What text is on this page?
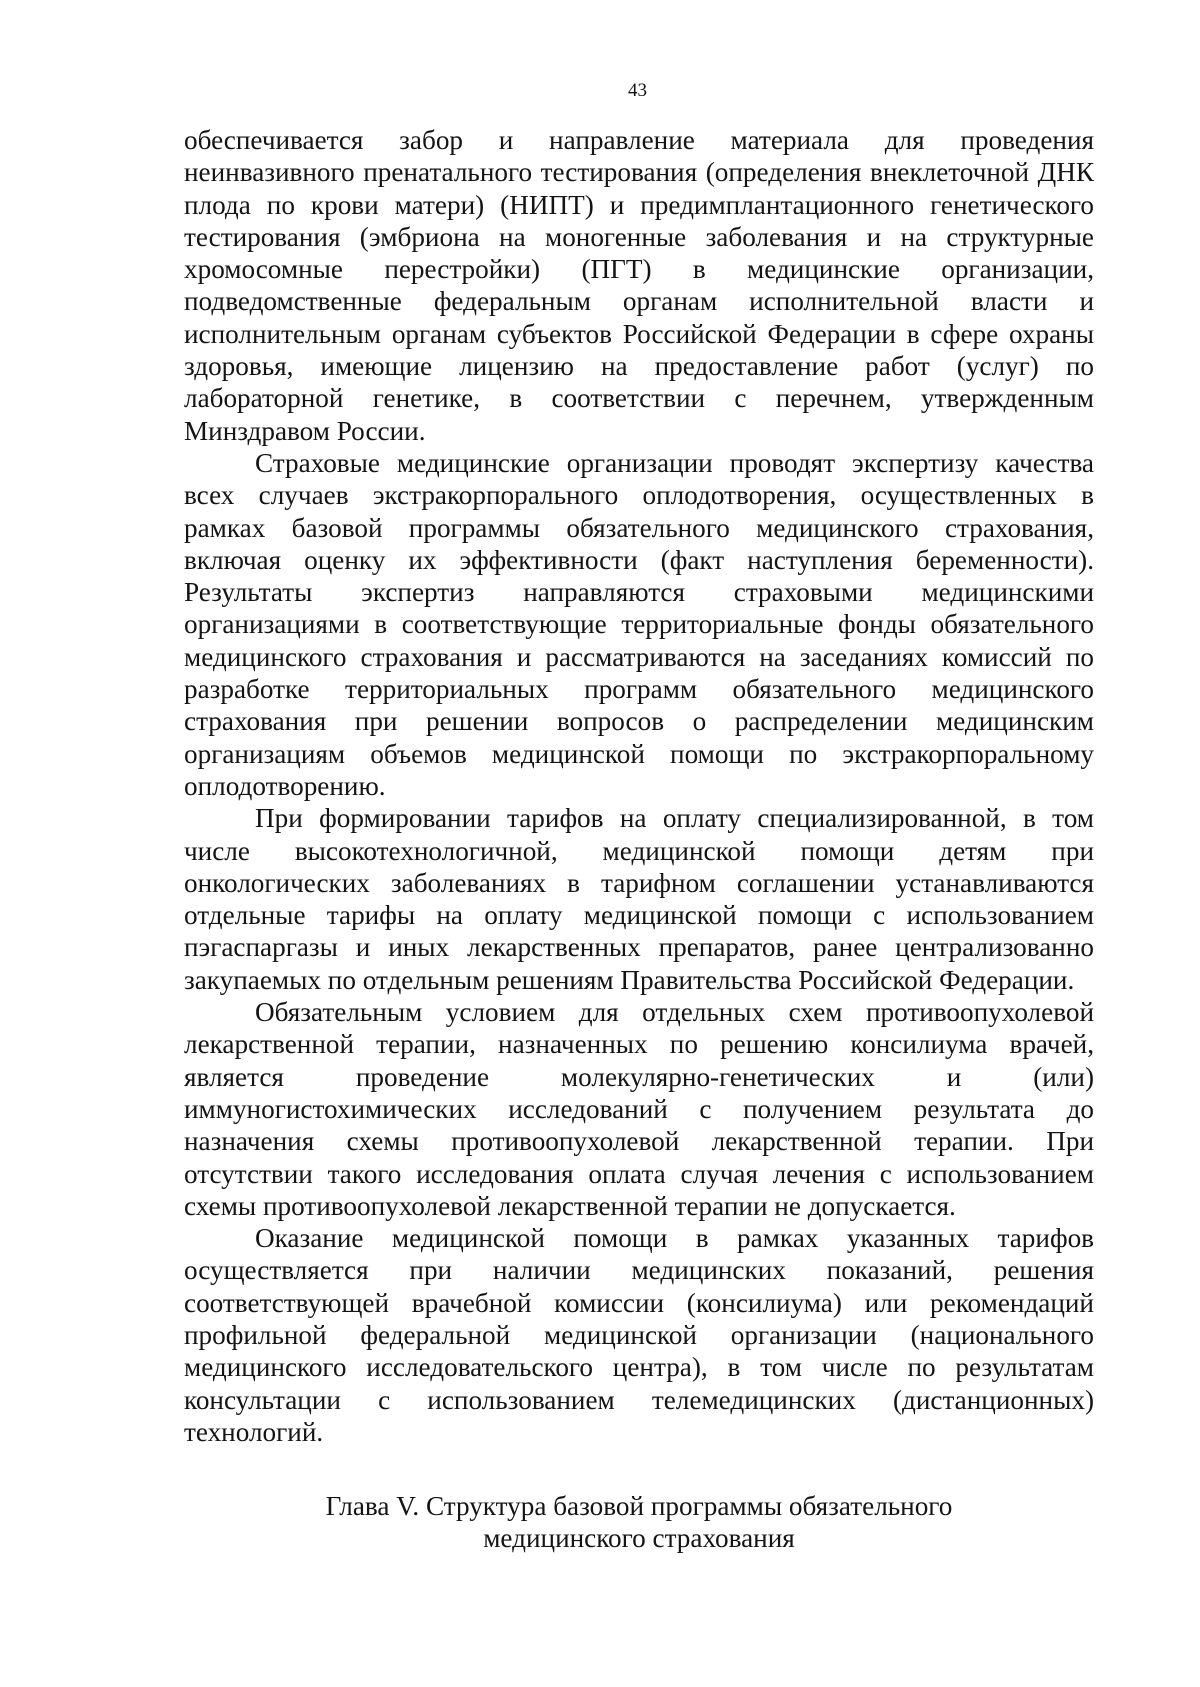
43

обеспечивается забор и направление материала для проведения неинвазивного пренатального тестирования (определения внеклеточной ДНК плода по крови матери) (НИПТ) и предимплантационного генетического тестирования (эмбриона на моногенные заболевания и на структурные хромосомные перестройки) (ПГТ) в медицинские организации, подведомственные федеральным органам исполнительной власти и исполнительным органам субъектов Российской Федерации в сфере охраны здоровья, имеющие лицензию на предоставление работ (услуг) по лабораторной генетике, в соответствии с перечнем, утвержденным Минздравом России.

Страховые медицинские организации проводят экспертизу качества всех случаев экстракорпорального оплодотворения, осуществленных в рамках базовой программы обязательного медицинского страхования, включая оценку их эффективности (факт наступления беременности). Результаты экспертиз направляются страховыми медицинскими организациями в соответствующие территориальные фонды обязательного медицинского страхования и рассматриваются на заседаниях комиссий по разработке территориальных программ обязательного медицинского страхования при решении вопросов о распределении медицинским организациям объемов медицинской помощи по экстракорпоральному оплодотворению.

При формировании тарифов на оплату специализированной, в том числе высокотехнологичной, медицинской помощи детям при онкологических заболеваниях в тарифном соглашении устанавливаются отдельные тарифы на оплату медицинской помощи с использованием пэгаспаргазы и иных лекарственных препаратов, ранее централизованно закупаемых по отдельным решениям Правительства Российской Федерации.

Обязательным условием для отдельных схем противоопухолевой лекарственной терапии, назначенных по решению консилиума врачей, является проведение молекулярно-генетических и (или) иммуногистохимических исследований с получением результата до назначения схемы противоопухолевой лекарственной терапии. При отсутствии такого исследования оплата случая лечения с использованием схемы противоопухолевой лекарственной терапии не допускается.

Оказание медицинской помощи в рамках указанных тарифов осуществляется при наличии медицинских показаний, решения соответствующей врачебной комиссии (консилиума) или рекомендаций профильной федеральной медицинской организации (национального медицинского исследовательского центра), в том числе по результатам консультации с использованием телемедицинских (дистанционных) технологий.

Глава V. Структура базовой программы обязательного
медицинского страхования
